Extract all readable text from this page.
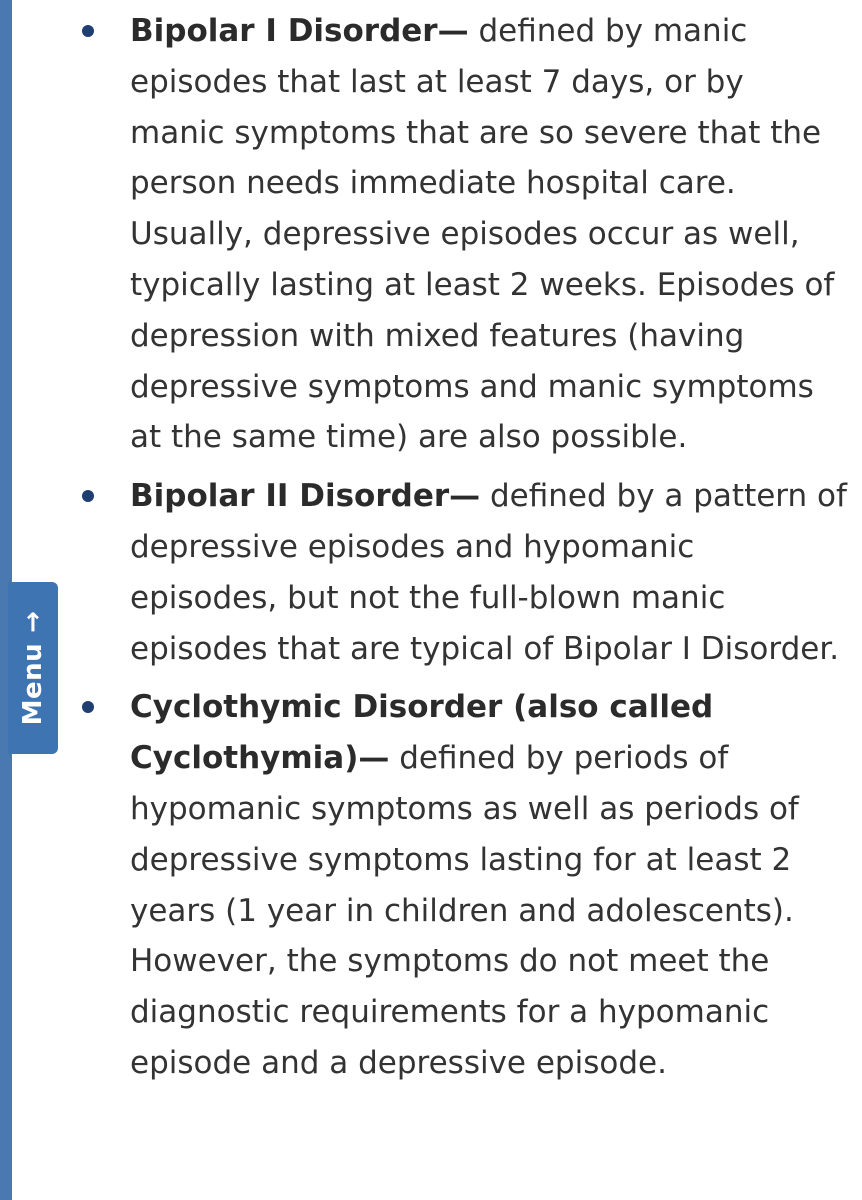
Menu
→
Bipolar I Disorder— defined by manic episodes that last at least 7 days, or by manic symptoms that are so severe that the person needs immediate hospital care. Usually, depressive episodes occur as well, typically lasting at least 2 weeks. Episodes of depression with mixed features (having depressive symptoms and manic symptoms at the same time) are also possible.
Bipolar II Disorder— defined by a pattern of depressive episodes and hypomanic episodes, but not the full-blown manic episodes that are typical of Bipolar I Disorder.
Cyclothymic Disorder (also called Cyclothymia)— defined by periods of hypomanic symptoms as well as periods of depressive symptoms lasting for at least 2 years (1 year in children and adolescents). However, the symptoms do not meet the diagnostic requirements for a hypomanic episode and a depressive episode.
